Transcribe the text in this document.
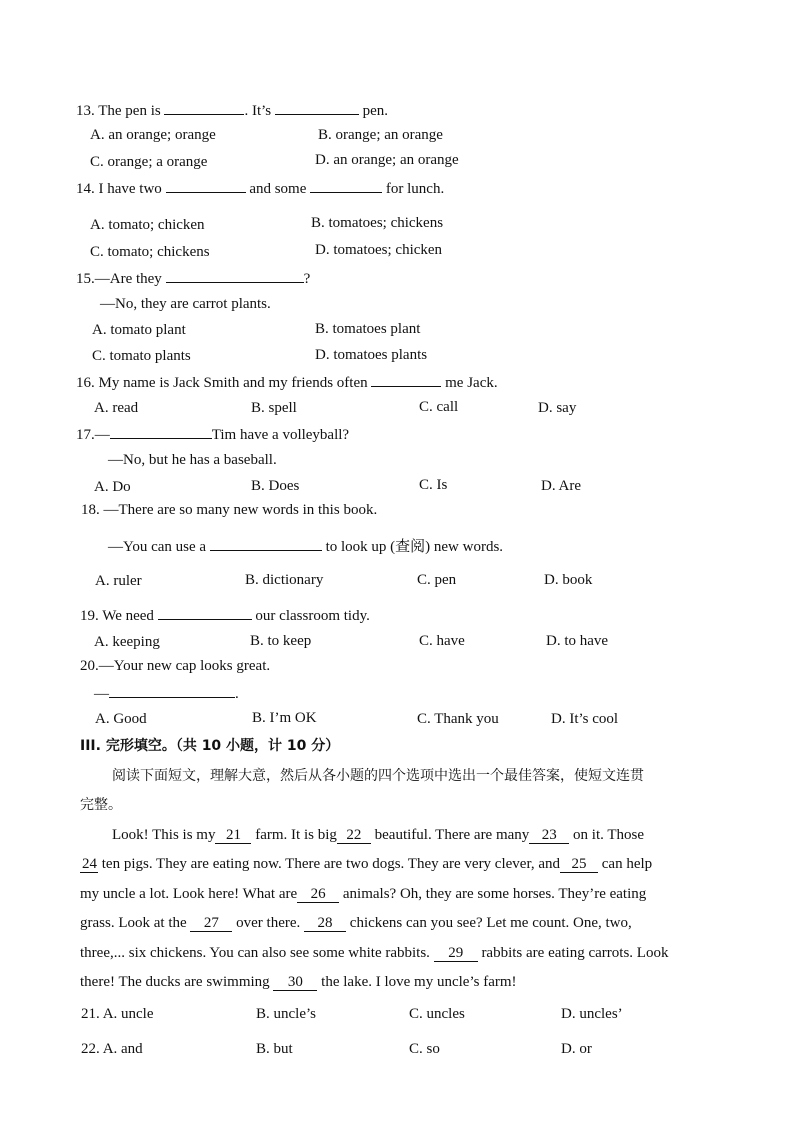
13. The pen is	. It’s	pen.
A. an orange; orange	B. orange; an orange
C. orange; a orange	D. an orange; an orange
14. I have two	and some	for lunch.
A. tomato; chicken	B. tomatoes; chickens
C. tomato; chickens	D. tomatoes; chicken
15.—Are they	?
—No, they are carrot plants.
A. tomato plant	B. tomatoes plant
C. tomato plants	D. tomatoes plants
16. My name is Jack Smith and my friends often	me Jack.
A. read	B. spell	C. call	D. say
17.—	Tim have a volleyball?
—No, but he has a baseball.
A. Do	B. Does	C. Is	D. Are
18. —There are so many new words in this book.
—You can use a	to look up (查阅) new words.
A. ruler	B. dictionary	C. pen	D. book
19. We need	our classroom tidy.
A. keeping	B. to keep	C. have	D. to have
20.—Your new cap looks great.
—	.
A. Good	B. I’m OK	C. Thank you	D. It’s cool
III. 完形填空。（共 10 小题，计 10 分）
阅读下面短文，理解大意，然后从各小题的四个选项中选出一个最佳答案，使短文连贯
完整。
Look! This is my 21 farm. It is big 22 beautiful. There are many 23 on it. Those
24 ten pigs. They are eating now. There are two dogs. They are very clever, and 25 can help
my uncle a lot. Look here! What are 26 animals? Oh, they are some horses. They’re eating
grass. Look at the 27 over there. 28 chickens can you see? Let me count. One, two,
three,... six chickens. You can also see some white rabbits. 29 rabbits are eating carrots. Look
there! The ducks are swimming 30 the lake. I love my uncle’s farm!
21. A. uncle	B. uncle’s	C. uncles	D. uncles’
22. A. and	B. but	C. so	D. or
